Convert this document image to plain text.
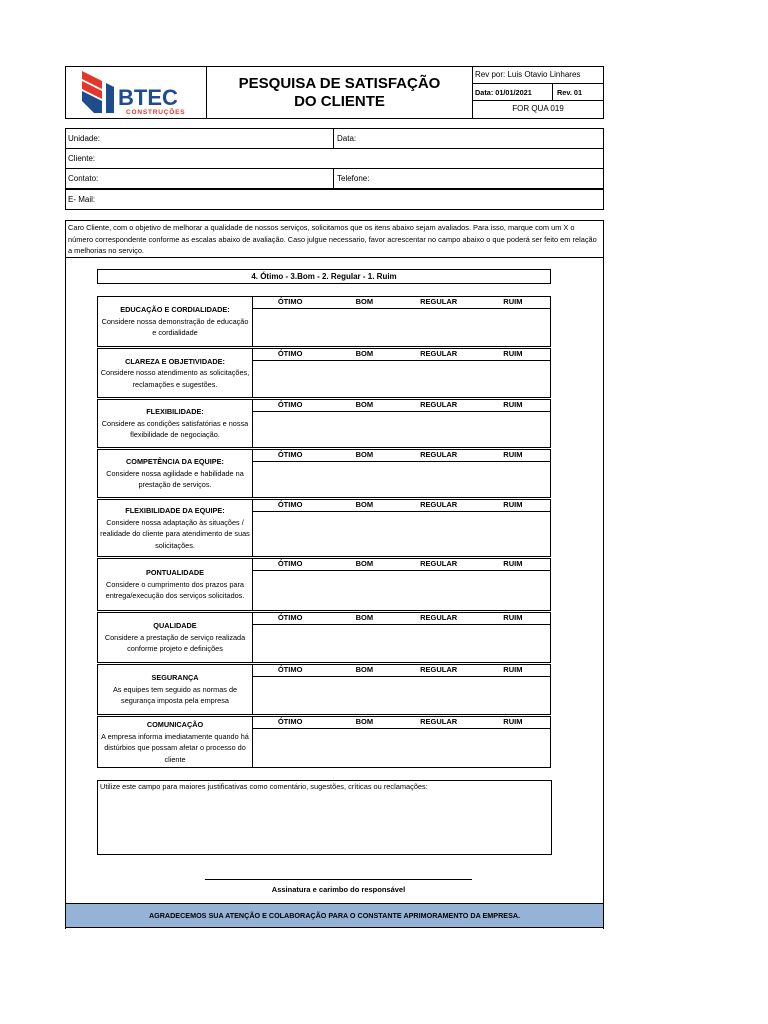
BTEC
CONSTRUÇÕES
PESQUISA DE SATISFAÇÃO
DO CLIENTE
Rev por: Luis Otavio Linhares
Data: 01/01/2021	Rev. 01
FOR QUA 019
Unidade:	Data:
Cliente:
Contato:	Telefone:
E- Mail:
Caro Cliente, com o objetivo de melhorar a qualidade de nossos serviços, solicitamos que os itens abaixo sejam avaliados. Para isso, marque com um X o número correspondente conforme as escalas abaixo de avaliação. Caso julgue necessario, favor acrescentar no campo abaixo o que poderá ser feito em relação a melhorias no serviço.
4. Ótimo - 3.Bom - 2. Regular - 1. Ruim
EDUCAÇÃO E CORDIALIDADE:
Considere nossa demonstração de educação e cordialidade
ÓTIMO	BOM	REGULAR	RUIM
CLAREZA E OBJETIVIDADE:
Considere nosso atendimento as solicitações, reclamações e sugestões.
ÓTIMO	BOM	REGULAR	RUIM
FLEXIBILIDADE:
Considere as condições satisfatórias e nossa flexibilidade de negociação.
ÓTIMO	BOM	REGULAR	RUIM
COMPETÊNCIA DA EQUIPE:
Considere nossa agilidade e habilidade na prestação de serviços.
ÓTIMO	BOM	REGULAR	RUIM
FLEXIBILIDADE DA EQUIPE:
Considere nossa adaptação às situações / realidade do cliente para atendimento de suas solicitações.
ÓTIMO	BOM	REGULAR	RUIM
PONTUALIDADE
Considere o cumprimento dos prazos para entrega/execução dos serviços solicitados.
ÓTIMO	BOM	REGULAR	RUIM
QUALIDADE
Considere a prestação de serviço realizada conforme projeto e definições
ÓTIMO	BOM	REGULAR	RUIM
SEGURANÇA
As equipes tem seguido as normas de segurança imposta pela empresa
ÓTIMO	BOM	REGULAR	RUIM
COMUNICAÇÃO
A empresa informa imediatamente quando há distúrbios que possam afetar o processo do cliente
ÓTIMO	BOM	REGULAR	RUIM
Utilize este campo para maiores justificativas como comentário, sugestões, críticas ou reclamações:
Assinatura e carimbo do responsável
AGRADECEMOS SUA ATENÇÃO E COLABORAÇÃO PARA O CONSTANTE APRIMORAMENTO DA EMPRESA.
